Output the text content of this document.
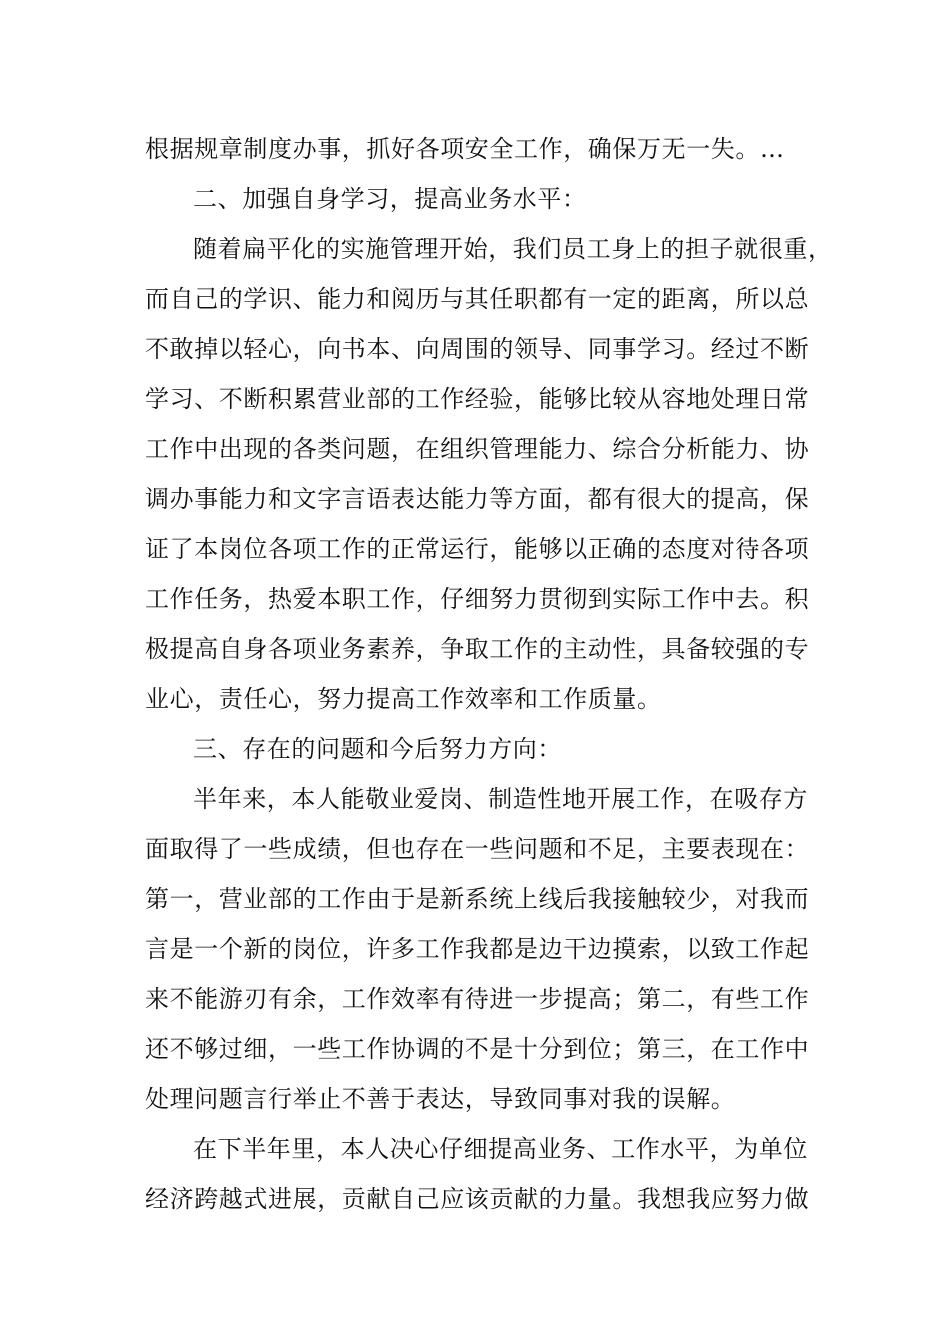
根据规章制度办事，抓好各项安全工作，确保万无一失。…
二、加强自身学习，提高业务水平：
随着扁平化的实施管理开始，我们员工身上的担子就很重，
而自己的学识、能力和阅历与其任职都有一定的距离，所以总
不敢掉以轻心，向书本、向周围的领导、同事学习。经过不断
学习、不断积累营业部的工作经验，能够比较从容地处理日常
工作中出现的各类问题，在组织管理能力、综合分析能力、协
调办事能力和文字言语表达能力等方面，都有很大的提高，保
证了本岗位各项工作的正常运行，能够以正确的态度对待各项
工作任务，热爱本职工作，仔细努力贯彻到实际工作中去。积
极提高自身各项业务素养，争取工作的主动性，具备较强的专
业心，责任心，努力提高工作效率和工作质量。
三、存在的问题和今后努力方向：
半年来，本人能敬业爱岗、制造性地开展工作，在吸存方
面取得了一些成绩，但也存在一些问题和不足，主要表现在：
第一，营业部的工作由于是新系统上线后我接触较少，对我而
言是一个新的岗位，许多工作我都是边干边摸索，以致工作起
来不能游刃有余，工作效率有待进一步提高；第二，有些工作
还不够过细，一些工作协调的不是十分到位；第三，在工作中
处理问题言行举止不善于表达，导致同事对我的误解。
在下半年里，本人决心仔细提高业务、工作水平，为单位
经济跨越式进展，贡献自己应该贡献的力量。我想我应努力做
